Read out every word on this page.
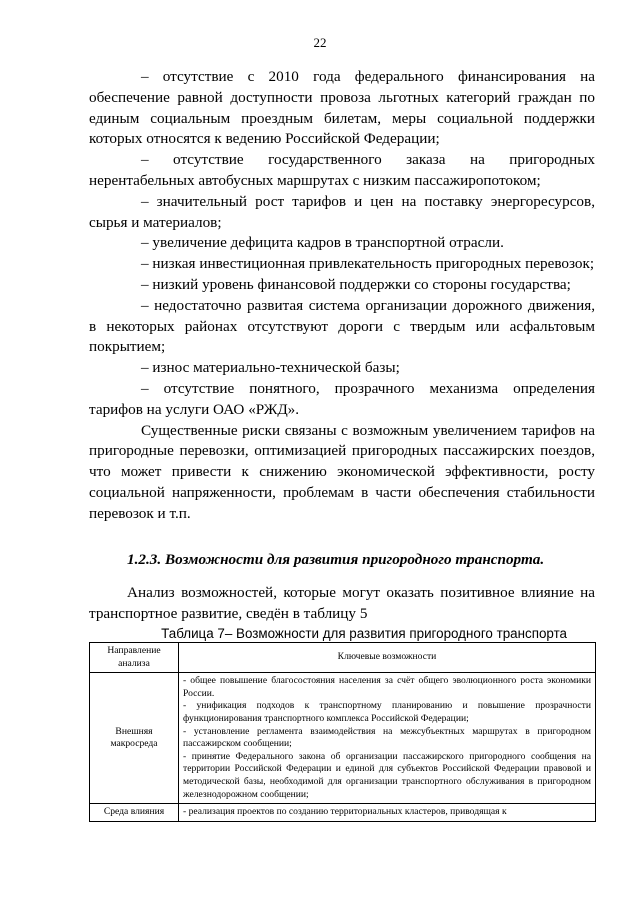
22

– отсутствие с 2010 года федерального финансирования на обеспечение равной доступности провоза льготных категорий граждан по единым социальным проездным билетам, меры социальной поддержки которых относятся к ведению Российской Федерации;

– отсутствие государственного заказа на пригородных нерентабельных автобусных маршрутах с низким пассажиропотоком;

– значительный рост тарифов и цен на поставку энергоресурсов, сырья и материалов;

– увеличение дефицита кадров в транспортной отрасли.

– низкая инвестиционная привлекательность пригородных перевозок;

– низкий уровень финансовой поддержки со стороны государства;

– недостаточно развитая система организации дорожного движения, в некоторых районах отсутствуют дороги с твердым или асфальтовым покрытием;

– износ материально-технической базы;

– отсутствие понятного, прозрачного механизма определения тарифов на услуги ОАО «РЖД».

Существенные риски связаны с возможным увеличением тарифов на пригородные перевозки, оптимизацией пригородных пассажирских поездов, что может привести к снижению экономической эффективности, росту социальной напряженности, проблемам в части обеспечения стабильности перевозок и т.п.

1.2.3. Возможности для развития пригородного транспорта.

Анализ возможностей, которые могут оказать позитивное влияние на транспортное развитие, сведён в таблицу 5

Таблица 7– Возможности для развития пригородного транспорта
Направление анализа	Ключевые возможности
Внешняя макросреда	- общее повышение благосостояния населения за счёт общего эволюционного роста экономики России.
- унификация подходов к транспортному планированию и повышение прозрачности функционирования транспортного комплекса Российской Федерации;
- установление регламента взаимодействия на межсубъектных маршрутах в пригородном пассажирском сообщении;
- принятие Федерального закона об организации пассажирского пригородного сообщения на территории Российской Федерации и единой для субъектов Российской Федерации правовой и методической базы, необходимой для организации транспортного обслуживания в пригородном железнодорожном сообщении;

Среда влияния	- реализация проектов по созданию территориальных кластеров, приводящая к
